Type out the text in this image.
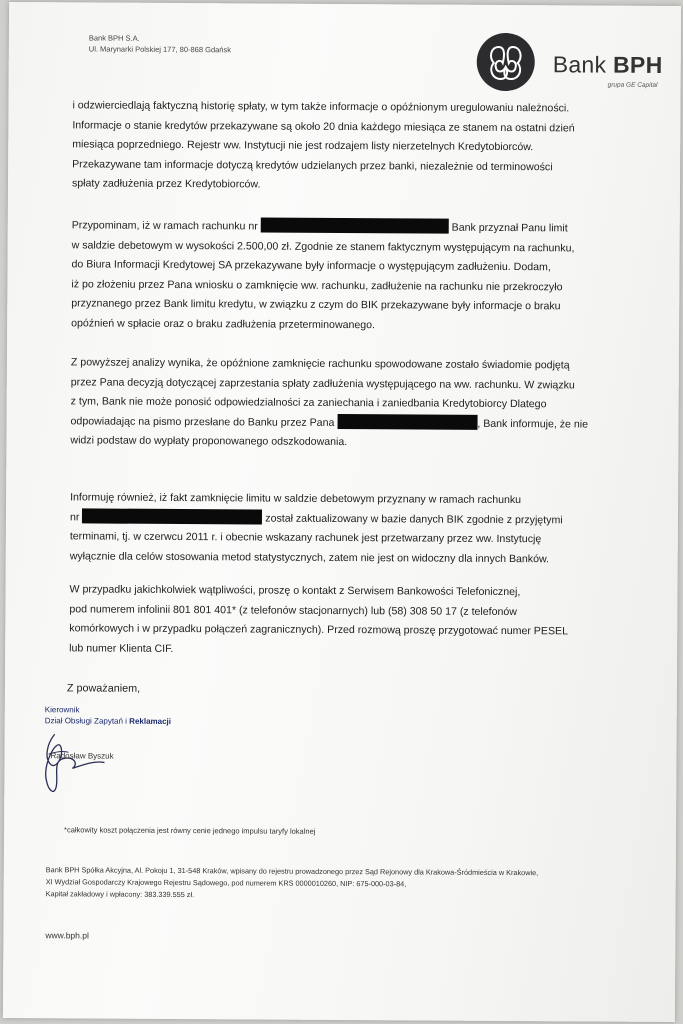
Bank BPH S.A.
Ul. Marynarki Polskiej 177, 80-868 Gdańsk
Bank BPH
grupa GE Capital
i odzwierciedlają faktyczną historię spłaty, w tym także informacje o opóźnionym uregulowaniu należności.
Informacje o stanie kredytów przekazywane są około 20 dnia każdego miesiąca ze stanem na ostatni dzień
miesiąca poprzedniego. Rejestr ww. Instytucji nie jest rodzajem listy nierzetelnych Kredytobiorców.
Przekazywane tam informacje dotyczą kredytów udzielanych przez banki, niezależnie od terminowości
spłaty zadłużenia przez Kredytobiorców.
Przypominam, iż w ramach rachunku nr	Bank przyznał Panu limit
w saldzie debetowym w wysokości 2.500,00 zł. Zgodnie ze stanem faktycznym występującym na rachunku,
do Biura Informacji Kredytowej SA przekazywane były informacje o występującym zadłużeniu. Dodam,
iż po złożeniu przez Pana wniosku o zamknięcie ww. rachunku, zadłużenie na rachunku nie przekroczyło
przyznanego przez Bank limitu kredytu, w związku z czym do BIK przekazywane były informacje o braku
opóźnień w spłacie oraz o braku zadłużenia przeterminowanego.
Z powyższej analizy wynika, że opóźnione zamknięcie rachunku spowodowane zostało świadomie podjętą
przez Pana decyzją dotyczącej zaprzestania spłaty zadłużenia występującego na ww. rachunku. W związku
z tym, Bank nie może ponosić odpowiedzialności za zaniechania i zaniedbania Kredytobiorcy Dlatego
odpowiadając na pismo przesłane do Banku przez Pana	, Bank informuje, że nie
widzi podstaw do wypłaty proponowanego odszkodowania.
Informuję również, iż fakt zamknięcie limitu w saldzie debetowym przyznany w ramach rachunku
nr	został zaktualizowany w bazie danych BIK zgodnie z przyjętymi
terminami, tj. w czerwcu 2011 r. i obecnie wskazany rachunek jest przetwarzany przez ww. Instytucję
wyłącznie dla celów stosowania metod statystycznych, zatem nie jest on widoczny dla innych Banków.
W przypadku jakichkolwiek wątpliwości, proszę o kontakt z Serwisem Bankowości Telefonicznej,
pod numerem infolinii 801 801 401* (z telefonów stacjonarnych) lub (58) 308 50 17 (z telefonów
komórkowych i w przypadku połączeń zagranicznych). Przed rozmową proszę przygotować numer PESEL
lub numer Klienta CIF.
Z poważaniem,
Kierownik
Dział Obsługi Zapytań i Reklamacji
Radosław Byszuk
*całkowity koszt połączenia jest równy cenie jednego impulsu taryfy lokalnej
Bank BPH Spółka Akcyjna, Al. Pokoju 1, 31-548 Kraków, wpisany do rejestru prowadzonego przez Sąd Rejonowy dla Krakowa-Śródmieścia w Krakowie,
XI Wydział Gospodarczy Krajowego Rejestru Sądowego, pod numerem KRS 0000010260, NIP: 675-000-03-84,
Kapitał zakładowy i wpłacony: 383.339.555 zł.
www.bph.pl
